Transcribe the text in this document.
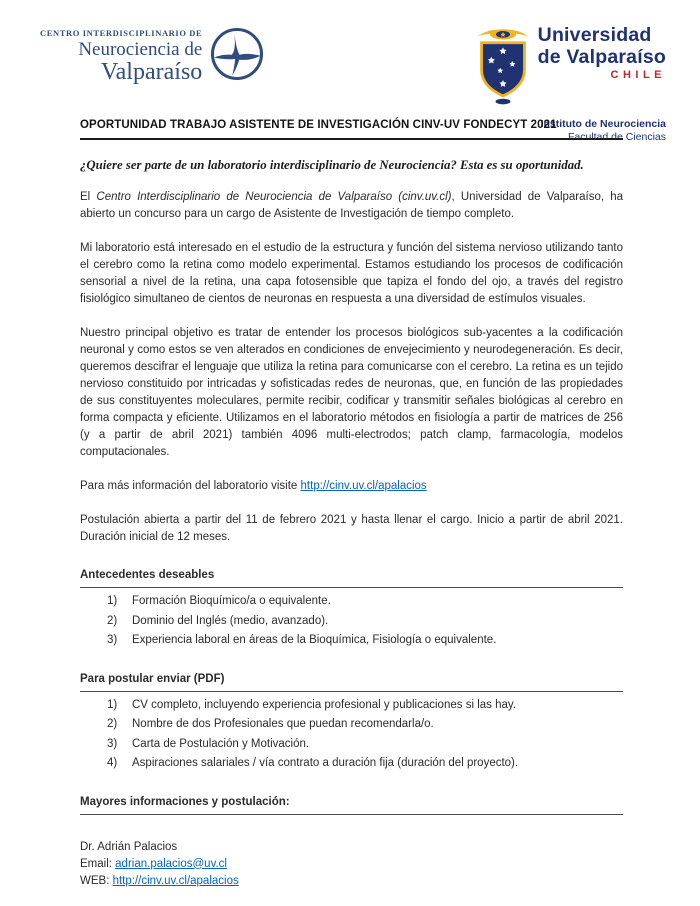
CENTRO INTERDISCIPLINARIO DE
Neurociencia de
Valparaíso
Universidad
de Valparaíso
CHILE
Instituto de Neurociencia
Facultad de Ciencias
OPORTUNIDAD TRABAJO ASISTENTE DE INVESTIGACIÓN CINV-UV FONDECYT 2021

¿Quiere ser parte de un laboratorio interdisciplinario de Neurociencia? Esta es su oportunidad.

El Centro Interdisciplinario de Neurociencia de Valparaíso (cinv.uv.cl), Universidad de Valparaíso, ha abierto un concurso para un cargo de Asistente de Investigación de tiempo completo.

Mi laboratorio está interesado en el estudio de la estructura y función del sistema nervioso utilizando tanto el cerebro como la retina como modelo experimental. Estamos estudiando los procesos de codificación sensorial a nivel de la retina, una capa fotosensible que tapiza el fondo del ojo, a través del registro fisiológico simultaneo de cientos de neuronas en respuesta a una diversidad de estímulos visuales.

Nuestro principal objetivo es tratar de entender los procesos biológicos sub-yacentes a la codificación neuronal y como estos se ven alterados en condiciones de envejecimiento y neurodegeneración. Es decir, queremos descifrar el lenguaje que utiliza la retina para comunicarse con el cerebro. La retina es un tejido nervioso constituido por intricadas y sofisticadas redes de neuronas, que, en función de las propiedades de sus constituyentes moleculares, permite recibir, codificar y transmitir señales biológicas al cerebro en forma compacta y eficiente. Utilizamos en el laboratorio métodos en fisiología a partir de matrices de 256 (y a partir de abril 2021) también 4096 multi-electrodos; patch clamp, farmacología, modelos computacionales.

Para más información del laboratorio visite http://cinv.uv.cl/apalacios

Postulación abierta a partir del 11 de febrero 2021 y hasta llenar el cargo. Inicio a partir de abril 2021. Duración inicial de 12 meses.

Antecedentes deseables
Formación Bioquímico/a o equivalente.
Dominio del Inglés (medio, avanzado).
Experiencia laboral en áreas de la Bioquímica, Fisiología o equivalente.
Para postular enviar (PDF)
CV completo, incluyendo experiencia profesional y publicaciones si las hay.
Nombre de dos Profesionales que puedan recomendarla/o.
Carta de Postulación y Motivación.
Aspiraciones salariales / vía contrato a duración fija (duración del proyecto).
Mayores informaciones y postulación:
Dr. Adrián Palacios
Email: adrian.palacios@uv.cl
WEB: http://cinv.uv.cl/apalacios
